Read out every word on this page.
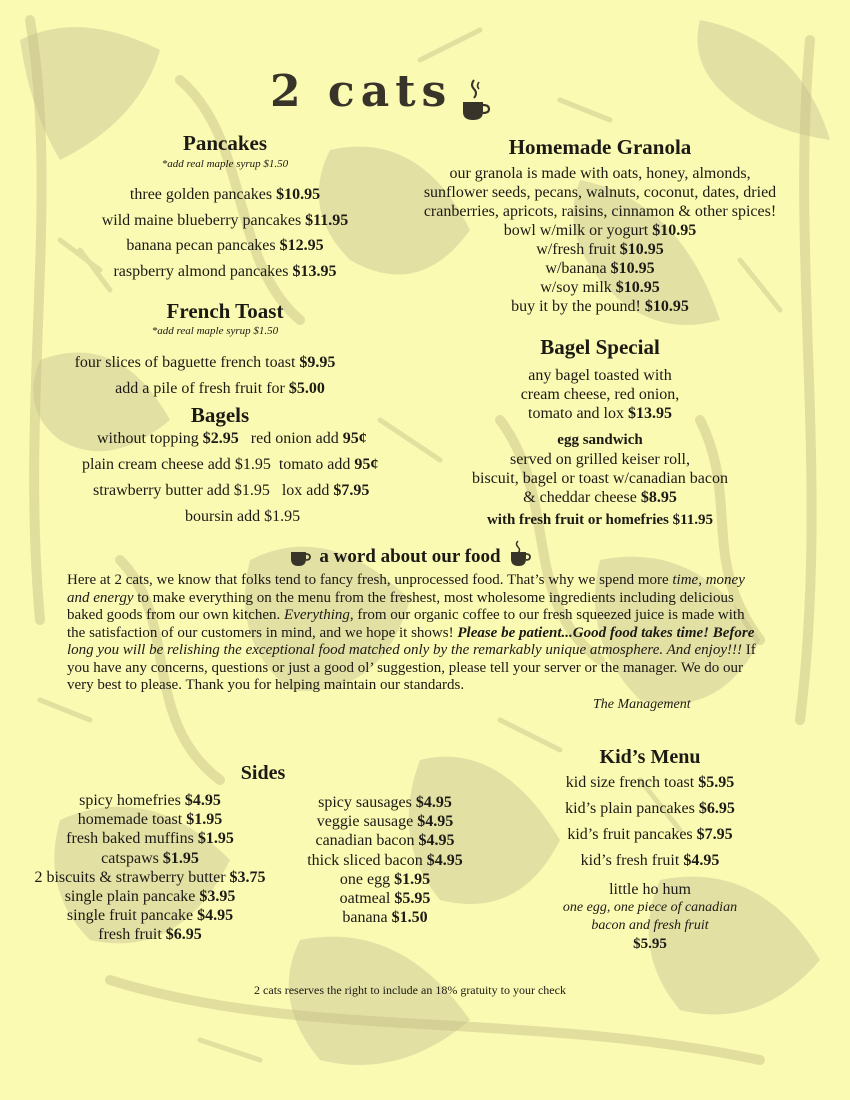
2 cats
Pancakes
*add real maple syrup $1.50
three golden pancakes $10.95
wild maine blueberry pancakes $11.95
banana pecan pancakes $12.95
raspberry almond pancakes $13.95
French Toast
*add real maple syrup $1.50
four slices of baguette french toast $9.95
add a pile of fresh fruit for $5.00
Bagels
without topping $2.95 red onion add 95¢
plain cream cheese add $1.95 tomato add 95¢
strawberry butter add $1.95 lox add $7.95
boursin add $1.95
Homemade Granola
our granola is made with oats, honey, almonds,
sunflower seeds, pecans, walnuts, coconut, dates, dried
cranberries, apricots, raisins, cinnamon & other spices!
bowl w/milk or yogurt $10.95
w/fresh fruit $10.95
w/banana $10.95
w/soy milk $10.95
buy it by the pound! $10.95
Bagel Special
any bagel toasted with
cream cheese, red onion,
tomato and lox $13.95
egg sandwich
served on grilled keiser roll,
biscuit, bagel or toast w/canadian bacon
& cheddar cheese $8.95
with fresh fruit or homefries $11.95
a word about our food
Here at 2 cats, we know that folks tend to fancy fresh, unprocessed food. That’s why we spend more time, money
and energy to make everything on the menu from the freshest, most wholesome ingredients including delicious
baked goods from our own kitchen. Everything, from our organic coffee to our fresh squeezed juice is made with
the satisfaction of our customers in mind, and we hope it shows! Please be patient...Good food takes time! Before
long you will be relishing the exceptional food matched only by the remarkably unique atmosphere. And enjoy!!! If
you have any concerns, questions or just a good ol’ suggestion, please tell your server or the manager. We do our
very best to please. Thank you for helping maintain our standards.
The Management
Sides
spicy homefries $4.95
homemade toast $1.95
fresh baked muffins $1.95
catspaws $1.95
2 biscuits & strawberry butter $3.75
single plain pancake $3.95
single fruit pancake $4.95
fresh fruit $6.95
spicy sausages $4.95
veggie sausage $4.95
canadian bacon $4.95
thick sliced bacon $4.95
one egg $1.95
oatmeal $5.95
banana $1.50
Kid’s Menu
kid size french toast $5.95
kid’s plain pancakes $6.95
kid’s fruit pancakes $7.95
kid’s fresh fruit $4.95
little ho hum
one egg, one piece of canadian
bacon and fresh fruit
$5.95
2 cats reserves the right to include an 18% gratuity to your check
